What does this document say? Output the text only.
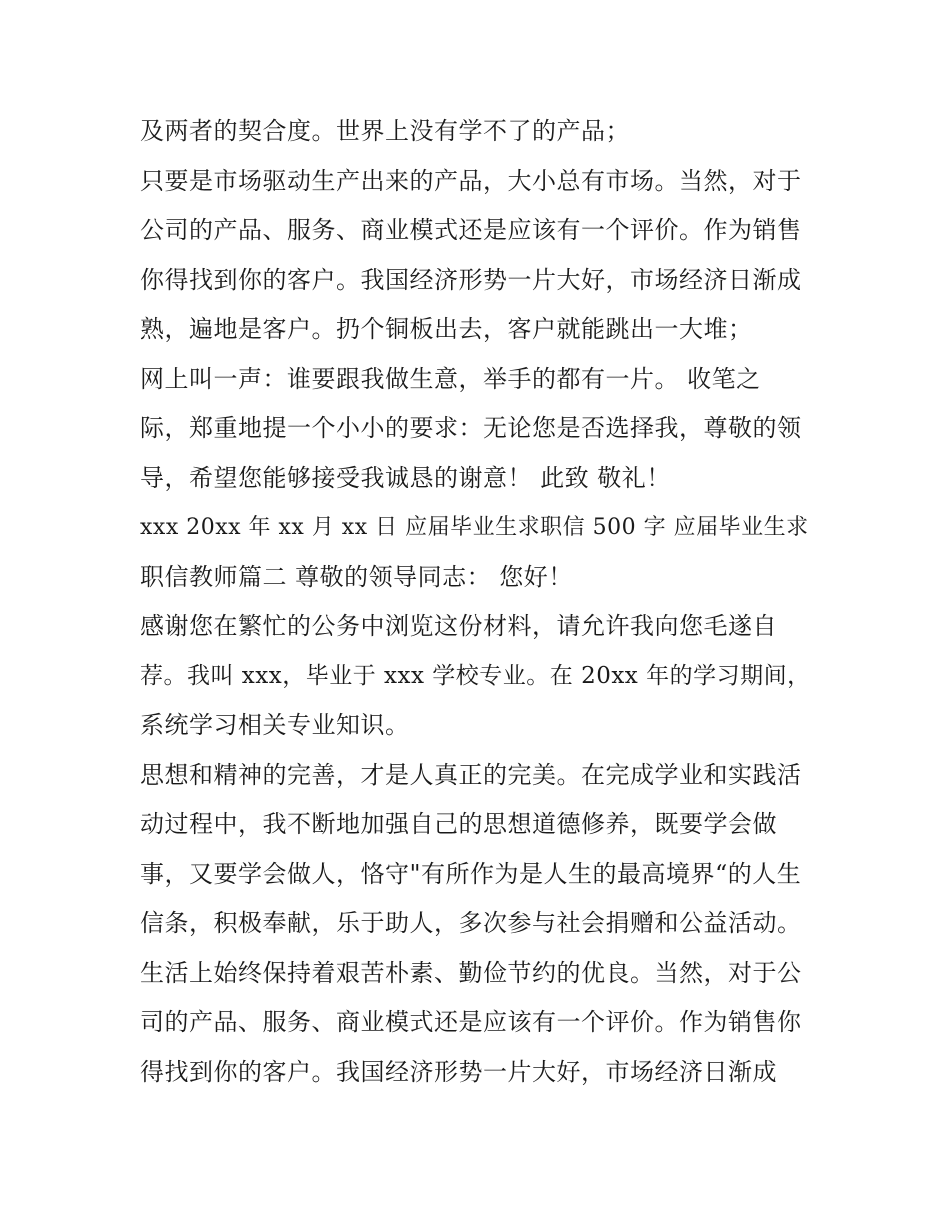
及两者的契合度。世界上没有学不了的产品；
只要是市场驱动生产出来的产品，大小总有市场。当然，对于
公司的产品、服务、商业模式还是应该有一个评价。作为销售
你得找到你的客户。我国经济形势一片大好，市场经济日渐成
熟，遍地是客户。扔个铜板出去，客户就能跳出一大堆；
网上叫一声：谁要跟我做生意，举手的都有一片。 收笔之
际，郑重地提一个小小的要求：无论您是否选择我，尊敬的领
导，希望您能够接受我诚恳的谢意！ 此致 敬礼！
xxx 20xx 年 xx 月 xx 日 应届毕业生求职信 500 字 应届毕业生求
职信教师篇二 尊敬的领导同志： 您好！
感谢您在繁忙的公务中浏览这份材料，请允许我向您毛遂自
荐。我叫 xxx，毕业于 xxx 学校专业。在 20xx 年的学习期间，
系统学习相关专业知识。
思想和精神的完善，才是人真正的完美。在完成学业和实践活
动过程中，我不断地加强自己的思想道德修养，既要学会做
事，又要学会做人，恪守"有所作为是人生的最高境界“的人生
信条，积极奉献，乐于助人，多次参与社会捐赠和公益活动。
生活上始终保持着艰苦朴素、勤俭节约的优良。当然，对于公
司的产品、服务、商业模式还是应该有一个评价。作为销售你
得找到你的客户。我国经济形势一片大好，市场经济日渐成
